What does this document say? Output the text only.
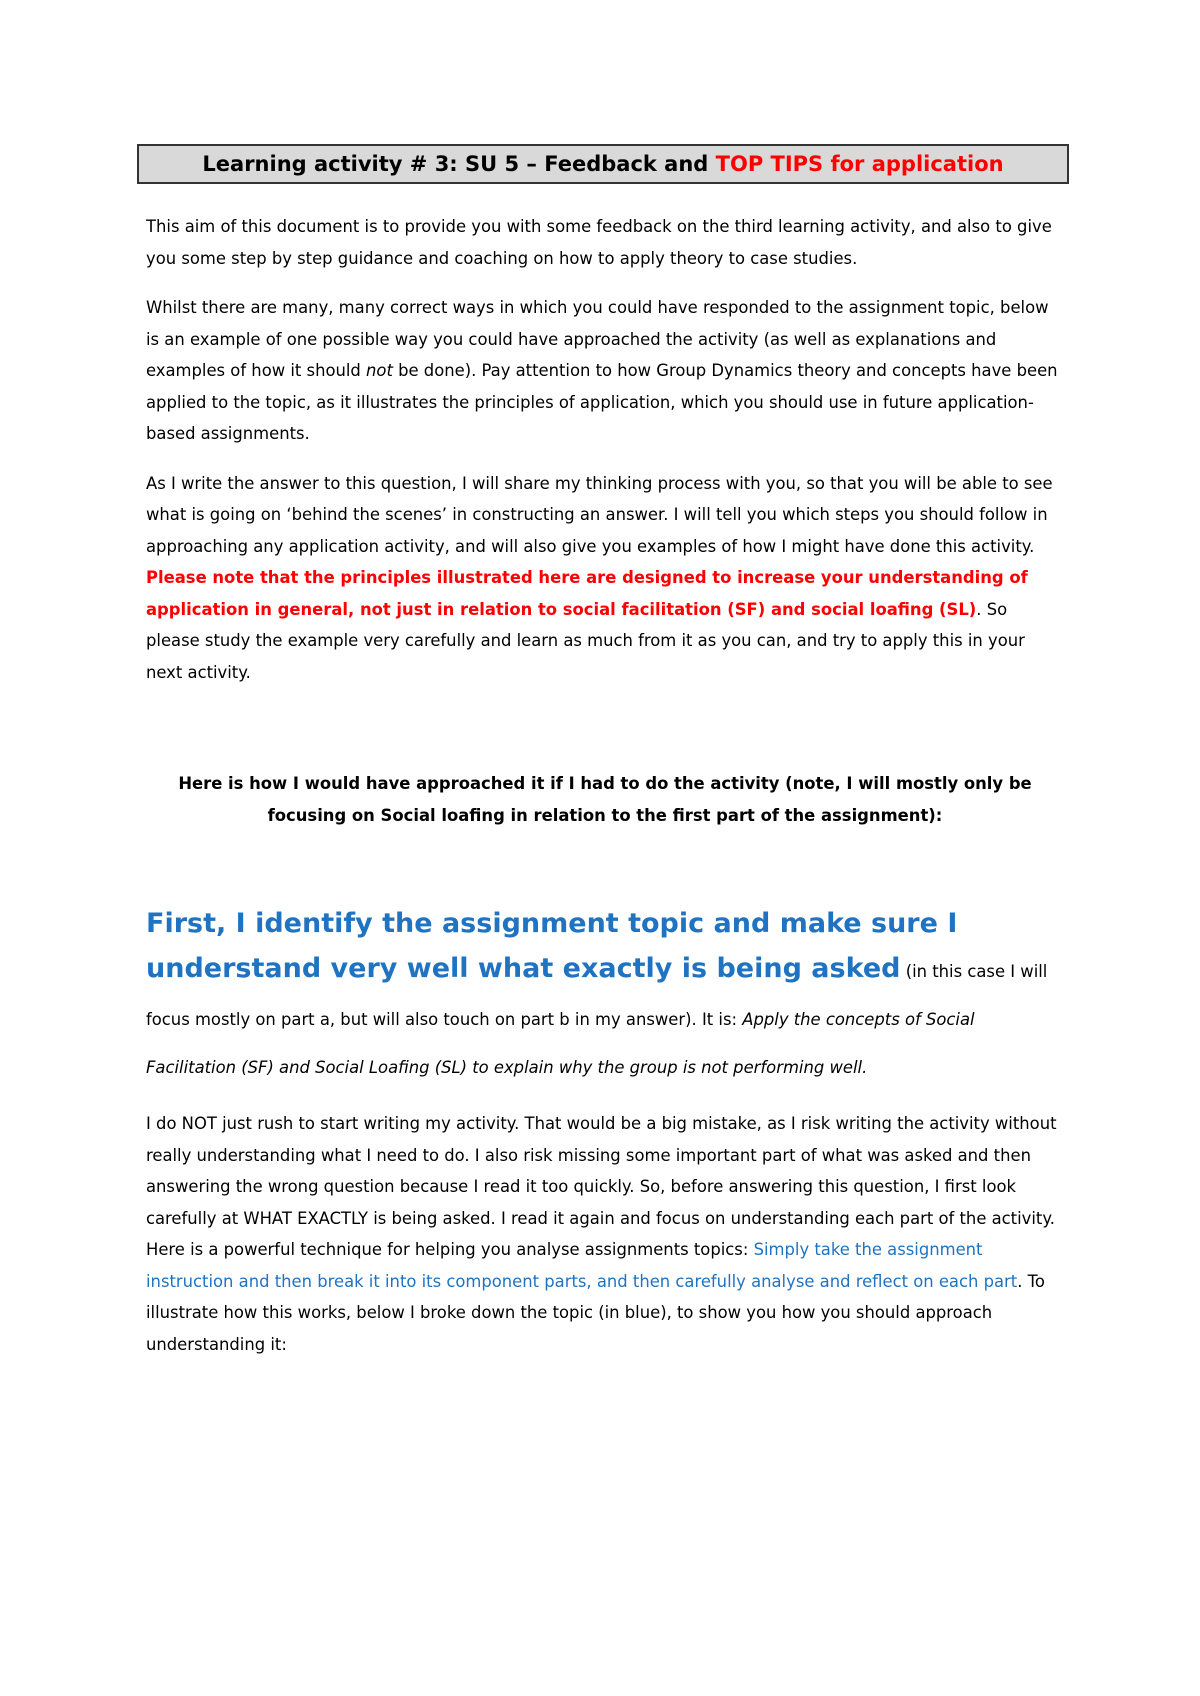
Learning activity # 3: SU 5 – Feedback and TOP TIPS for application

This aim of this document is to provide you with some feedback on the third learning activity, and also to give you some step by step guidance and coaching on how to apply theory to case studies.

Whilst there are many, many correct ways in which you could have responded to the assignment topic, below is an example of one possible way you could have approached the activity (as well as explanations and examples of how it should not be done). Pay attention to how Group Dynamics theory and concepts have been applied to the topic, as it illustrates the principles of application, which you should use in future application-based assignments.

As I write the answer to this question, I will share my thinking process with you, so that you will be able to see what is going on ‘behind the scenes’ in constructing an answer. I will tell you which steps you should follow in approaching any application activity, and will also give you examples of how I might have done this activity. Please note that the principles illustrated here are designed to increase your understanding of application in general, not just in relation to social facilitation (SF) and social loafing (SL). So please study the example very carefully and learn as much from it as you can, and try to apply this in your next activity.

Here is how I would have approached it if I had to do the activity (note, I will mostly only be focusing on Social loafing in relation to the first part of the assignment):

First, I identify the assignment topic and make sure I understand very well what exactly is being asked (in this case I will focus mostly on part a, but will also touch on part b in my answer). It is: Apply the concepts of Social Facilitation (SF) and Social Loafing (SL) to explain why the group is not performing well.

I do NOT just rush to start writing my activity. That would be a big mistake, as I risk writing the activity without really understanding what I need to do. I also risk missing some important part of what was asked and then answering the wrong question because I read it too quickly. So, before answering this question, I first look carefully at WHAT EXACTLY is being asked. I read it again and focus on understanding each part of the activity. Here is a powerful technique for helping you analyse assignments topics: Simply take the assignment instruction and then break it into its component parts, and then carefully analyse and reflect on each part. To illustrate how this works, below I broke down the topic (in blue), to show you how you should approach understanding it:
